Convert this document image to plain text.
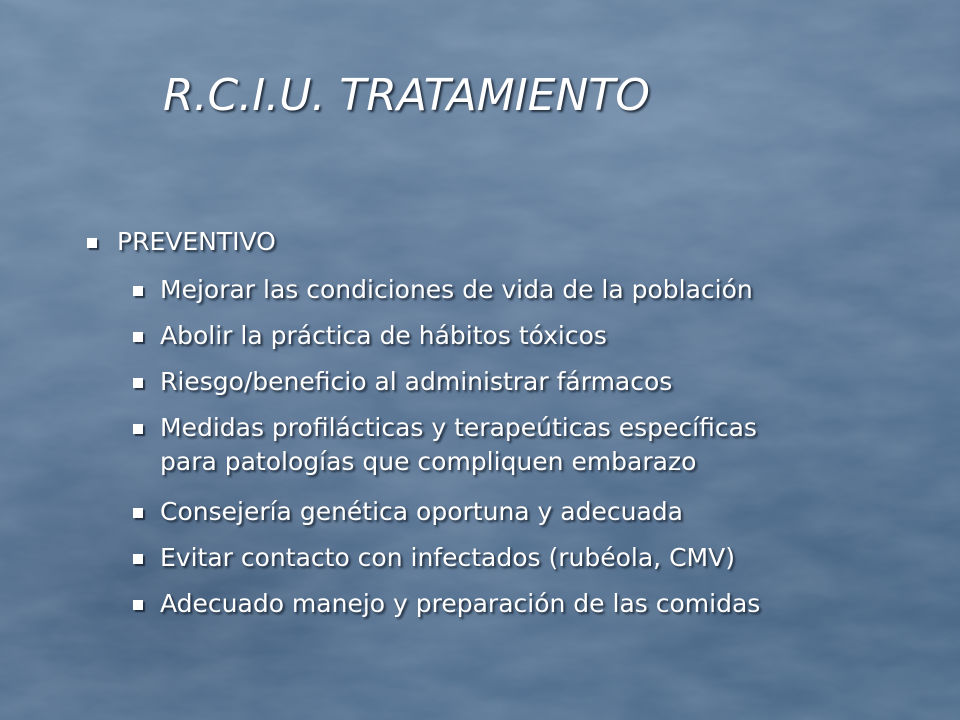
R.C.I.U. TRATAMIENTO
PREVENTIVO
Mejorar las condiciones de vida de la población
Abolir la práctica de hábitos tóxicos
Riesgo/beneficio al administrar fármacos
Medidas profilácticas y terapeúticas específicas
para patologías que compliquen embarazo
Consejería genética oportuna y adecuada
Evitar contacto con infectados (rubéola, CMV)
Adecuado manejo y preparación de las comidas
